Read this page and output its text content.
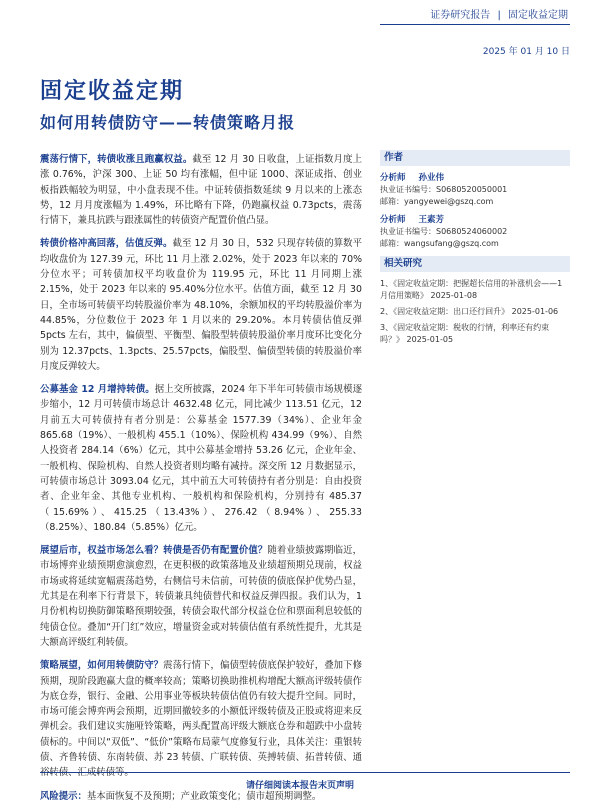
证券研究报告 | 固定收益定期
2025 年 01 月 10 日
固定收益定期
如何用转债防守——转债策略月报

震荡行情下，转债收涨且跑赢权益。截至 12 月 30 日收盘，上证指数月度上涨 0.76%，沪深 300、上证 50 均有涨幅，但中证 1000、深证成指、创业板指跌幅较为明显，中小盘表现不佳。中证转债指数延续 9 月以来的上涨态势，12 月月度涨幅为 1.49%，环比略有下降，仍跑赢权益 0.73pcts，震荡行情下，兼具抗跌与跟涨属性的转债资产配置价值凸显。

转债价格冲高回落，估值反弹。截至 12 月 30 日，532 只现存转债的算数平均收盘价为 127.39 元，环比 11 月上涨 2.02%，处于 2023 年以来的 70%分位水平；可转债加权平均收盘价为 119.95 元，环比 11 月同期上涨 2.15%，处于 2023 年以来的 95.40%分位水平。估值方面，截至 12 月 30 日，全市场可转债平均转股溢价率为 48.10%，余额加权的平均转股溢价率为 44.85%，分位数位于 2023 年 1 月以来的 29.20%。本月转债估值反弹 5pcts 左右，其中，偏债型、平衡型、偏股型转债转股溢价率月度环比变化分别为 12.37pcts、1.3pcts、25.57pcts，偏股型、偏债型转债的转股溢价率月度反弹较大。

公募基金 12 月增持转债。据上交所披露，2024 年下半年可转债市场规模逐步缩小，12 月可转债市场总计 4632.48 亿元，同比减少 113.51 亿元，12 月前五大可转债持有者分别是：公募基金 1577.39（34%）、企业年金 865.68（19%）、一般机构 455.1（10%）、保险机构 434.99（9%）、自然人投资者 284.14（6%）亿元，其中公募基金增持 53.26 亿元，企业年金、一般机构、保险机构、自然人投资者则均略有减持。深交所 12 月数据显示，可转债市场总计 3093.04 亿元，其中前五大可转债持有者分别是：自由投资者、企业年金、其他专业机构、一般机构和保险机构，分别持有 485.37（15.69%）、415.25（13.43%）、276.42（8.94%）、255.33（8.25%）、180.84（5.85%）亿元。

展望后市，权益市场怎么看？转债是否仍有配置价值？随着业绩披露期临近，市场博弈业绩预期愈演愈烈，在更积极的政策落地及业绩超预期兑现前，权益市场或将延续宽幅震荡趋势，右侧信号未信前，可转债的债底保护优势凸显，尤其是在利率下行背景下，转债兼具纯债替代和权益反弹四报。我们认为，1 月份机构切换防御策略预期较强，转债会取代部分权益仓位和票面利息较低的纯债仓位。叠加“开门红”效应，增量资金或对转债估值有系统性提升，尤其是大额高评级红利转债。

策略展望，如何用转债防守？震荡行情下，偏债型转债底保护较好，叠加下修预期，现阶段跑赢大盘的概率较高；策略切换助推机构增配大额高评级转债作为底仓券，银行、金融、公用事业等板块转债估值仍有较大提升空间。同时，市场可能会博弈两会预期，近期回撤较多的小额低评级转债及正股或将迎来反弹机会。我们建议实施哑铃策略，两头配置高评级大额底仓券和超跌中小盘转债标的。中间以“双低”、“低价”策略布局蒙气度修复行业，具体关注：重银转债、齐鲁转债、东南转债、苏 23 转债、广联转债、英搏转债、拓普转债、通

风险提示：基本面恢复不及预期；产业政策变化；债市超预期调整。

作者
分析师 孙业伟
执业证书编号：S0680520050001
邮箱：yangyewei@gszq.com
分析师 王素芳
执业证书编号：S0680524060002
邮箱：wangsufang@gszq.com
相关研究
1、《固定收益定期：把握超长信用的补涨机会——1 月信用策略》 2025-01-08
2、《固定收益定期：出口还行回升》 2025-01-06
3、《固定收益定期：税收的行情，利率还有约束吗？》 2025-01-05
请仔细阅读本报告末页声明
